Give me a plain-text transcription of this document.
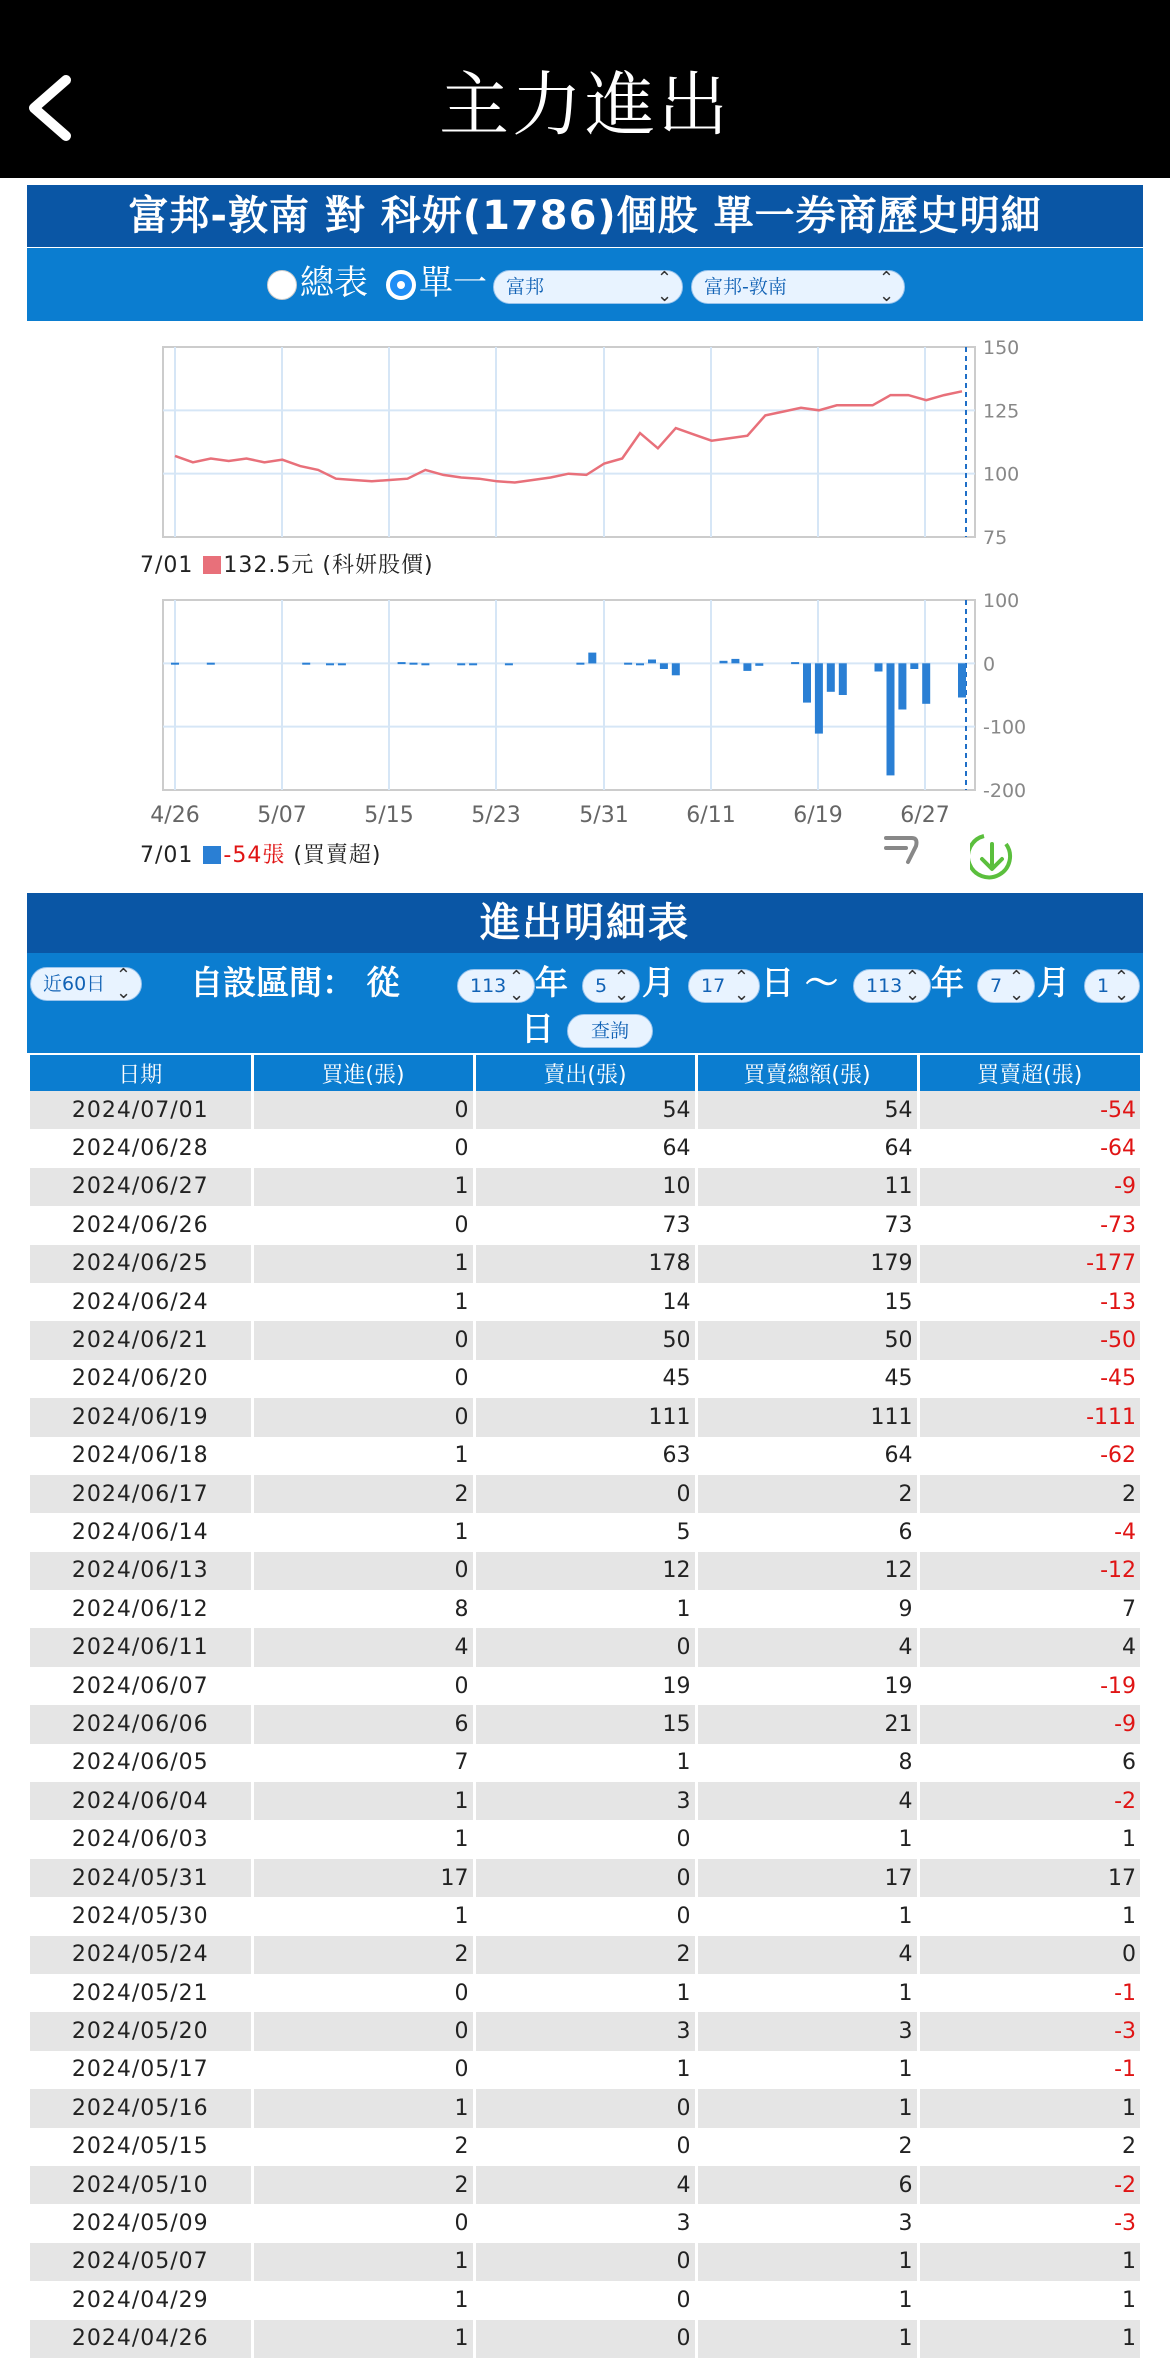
主力進出
富邦-敦南 對 科妍(1786)個股 單一券商歷史明細
總表 單一	富邦	⌃
⌃	富邦-敦南	⌃
⌃
150
125
100
75
7/01 132.5元 (科妍股價)
100
0
-100
-200
4/26	5/07	5/15	5/23	5/31	6/11	6/19	6/27
7/01 -54張 (買賣超)
進出明細表
近60日 ⌃
⌃ 自設區間： 從	113 ⌃
⌃ 年	5 ⌃
⌃ 月	17 ⌃
⌃ 日 ～	113 ⌃
⌃ 年	7 ⌃
⌃ 月	1 ⌃
⌃
日	查詢
日期	買進(張)	賣出(張)	買賣總額(張)	買賣超(張)
2024/07/01	0	54	54	-54
2024/06/28	0	64	64	-64
2024/06/27	1	10	11	-9
2024/06/26	0	73	73	-73
2024/06/25	1	178	179	-177
2024/06/24	1	14	15	-13
2024/06/21	0	50	50	-50
2024/06/20	0	45	45	-45
2024/06/19	0	111	111	-111
2024/06/18	1	63	64	-62
2024/06/17	2	0	2	2
2024/06/14	1	5	6	-4
2024/06/13	0	12	12	-12
2024/06/12	8	1	9	7
2024/06/11	4	0	4	4
2024/06/07	0	19	19	-19
2024/06/06	6	15	21	-9
2024/06/05	7	1	8	6
2024/06/04	1	3	4	-2
2024/06/03	1	0	1	1
2024/05/31	17	0	17	17
2024/05/30	1	0	1	1
2024/05/24	2	2	4	0
2024/05/21	0	1	1	-1
2024/05/20	0	3	3	-3
2024/05/17	0	1	1	-1
2024/05/16	1	0	1	1
2024/05/15	2	0	2	2
2024/05/10	2	4	6	-2
2024/05/09	0	3	3	-3
2024/05/07	1	0	1	1
2024/04/29	1	0	1	1
2024/04/26	1	0	1	1
